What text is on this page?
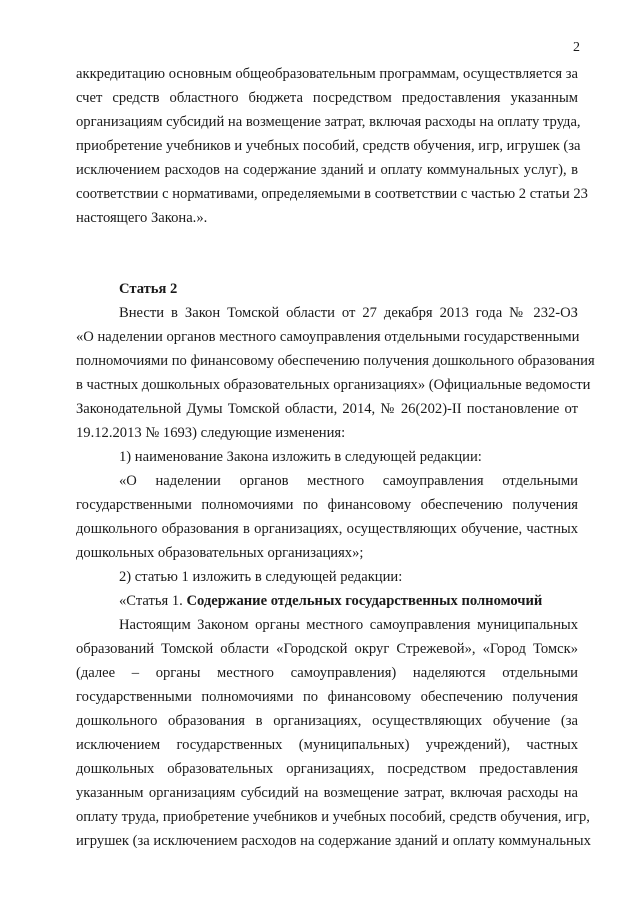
2
аккредитацию основным общеобразовательным программам, осуществляется за
счет средств областного бюджета посредством предоставления указанным
организациям субсидий на возмещение затрат, включая расходы на оплату труда,
приобретение учебников и учебных пособий, средств обучения, игр, игрушек (за
исключением расходов на содержание зданий и оплату коммунальных услуг), в
соответствии с нормативами, определяемыми в соответствии с частью 2 статьи 23
настоящего Закона.».
Статья 2
Внести в Закон Томской области от 27 декабря 2013 года № 232-ОЗ
«О наделении органов местного самоуправления отдельными государственными
полномочиями по финансовому обеспечению получения дошкольного образования
в частных дошкольных образовательных организациях» (Официальные ведомости
Законодательной Думы Томской области, 2014, № 26(202)-II постановление от
19.12.2013 № 1693) следующие изменения:
1) наименование Закона изложить в следующей редакции:
«О наделении органов местного самоуправления отдельными
государственными полномочиями по финансовому обеспечению получения
дошкольного образования в организациях, осуществляющих обучение, частных
дошкольных образовательных организациях»;
2) статью 1 изложить в следующей редакции:
«Статья 1. Содержание отдельных государственных полномочий
Настоящим Законом органы местного самоуправления муниципальных
образований Томской области «Городской округ Стрежевой», «Город Томск»
(далее – органы местного самоуправления) наделяются отдельными
государственными полномочиями по финансовому обеспечению получения
дошкольного образования в организациях, осуществляющих обучение (за
исключением государственных (муниципальных) учреждений), частных
дошкольных образовательных организациях, посредством предоставления
указанным организациям субсидий на возмещение затрат, включая расходы на
оплату труда, приобретение учебников и учебных пособий, средств обучения, игр,
игрушек (за исключением расходов на содержание зданий и оплату коммунальных
